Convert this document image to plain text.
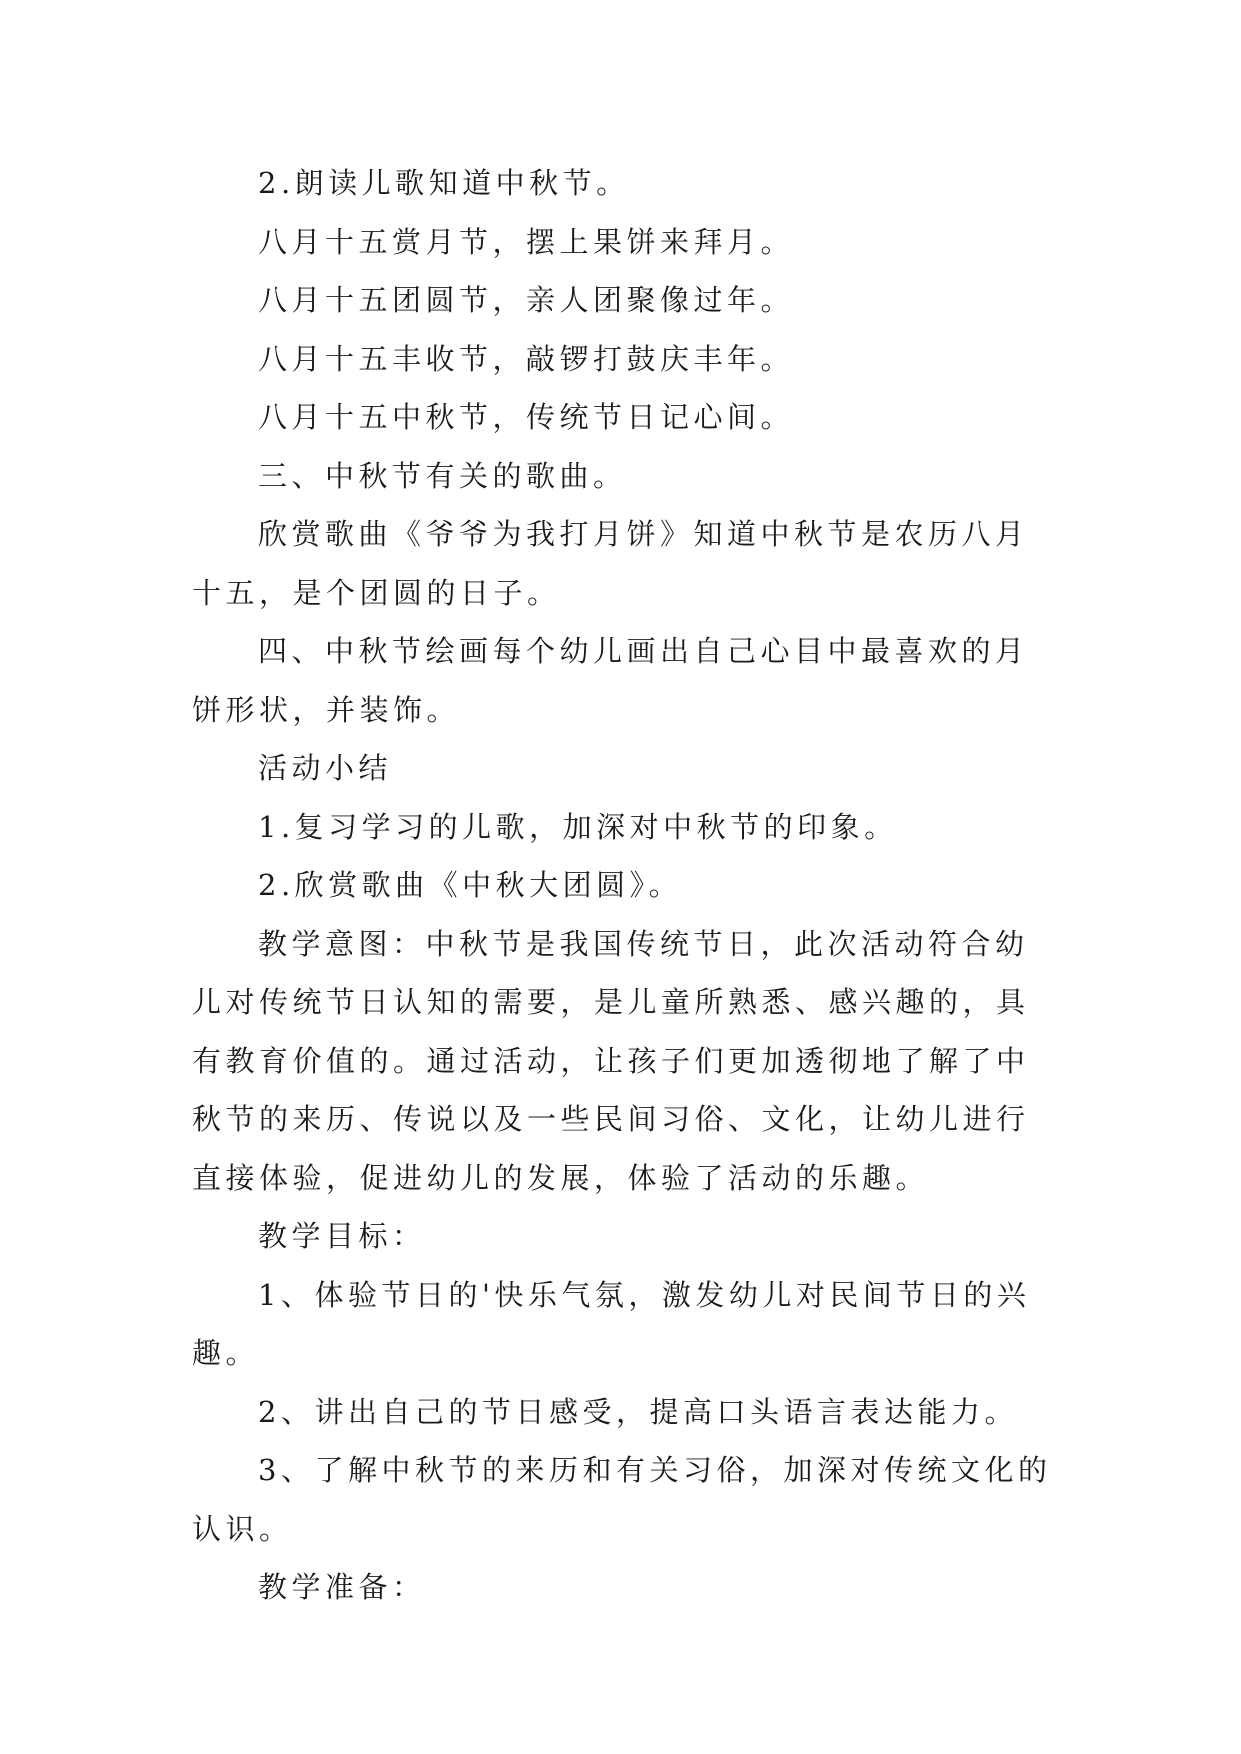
2.朗读儿歌知道中秋节。

八月十五赏月节，摆上果饼来拜月。

八月十五团圆节，亲人团聚像过年。

八月十五丰收节，敲锣打鼓庆丰年。

八月十五中秋节，传统节日记心间。

三、中秋节有关的歌曲。

欣赏歌曲《爷爷为我打月饼》知道中秋节是农历八月十五，是个团圆的日子。

四、中秋节绘画每个幼儿画出自己心目中最喜欢的月饼形状，并装饰。

活动小结

1.复习学习的儿歌，加深对中秋节的印象。

2.欣赏歌曲《中秋大团圆》。

教学意图：中秋节是我国传统节日，此次活动符合幼儿对传统节日认知的需要，是儿童所熟悉、感兴趣的，具有教育价值的。通过活动，让孩子们更加透彻地了解了中秋节的来历、传说以及一些民间习俗、文化，让幼儿进行直接体验，促进幼儿的发展，体验了活动的乐趣。

教学目标：

1、体验节日的'快乐气氛，激发幼儿对民间节日的兴趣。

2、讲出自己的节日感受，提高口头语言表达能力。

3、了解中秋节的来历和有关习俗，加深对传统文化的认识。

教学准备：
